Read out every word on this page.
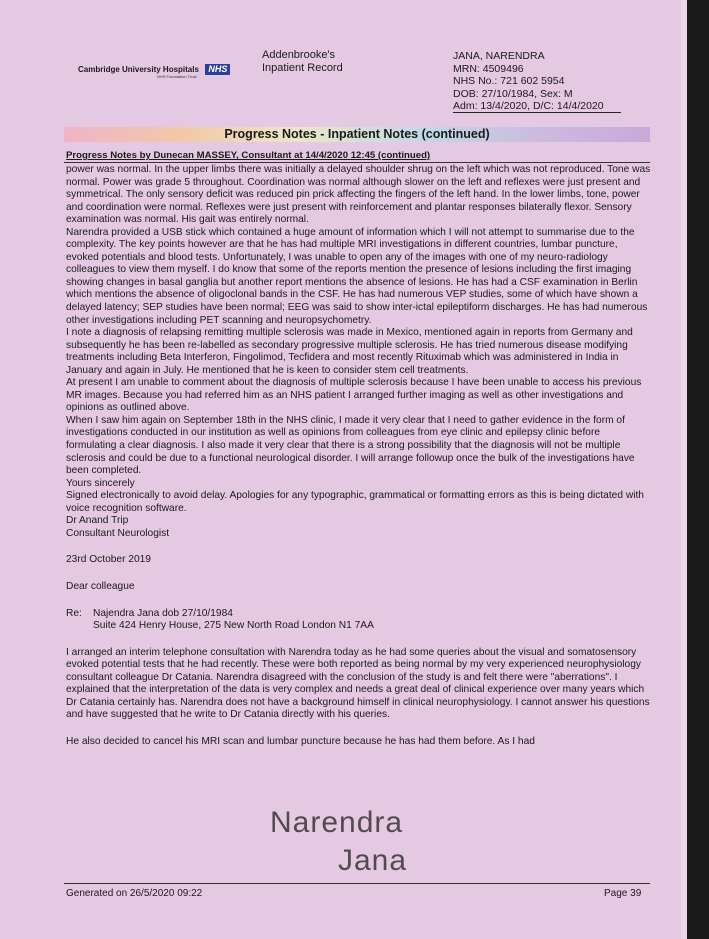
Cambridge University Hospitals NHS
NHS Foundation Trust
Addenbrooke's
Inpatient Record
JANA, NARENDRA
MRN: 4509496
NHS No.: 721 602 5954
DOB: 27/10/1984, Sex: M
Adm: 13/4/2020, D/C: 14/4/2020
Progress Notes - Inpatient Notes (continued)
Progress Notes by Dunecan MASSEY, Consultant at 14/4/2020 12:45 (continued)

power was normal. In the upper limbs there was initially a delayed shoulder shrug on the left which was not reproduced. Tone was normal. Power was grade 5 throughout. Coordination was normal although slower on the left and reflexes were just present and symmetrical. The only sensory deficit was reduced pin prick affecting the fingers of the left hand. In the lower limbs, tone, power and coordination were normal. Reflexes were just present with reinforcement and plantar responses bilaterally flexor. Sensory examination was normal. His gait was entirely normal.

Narendra provided a USB stick which contained a huge amount of information which I will not attempt to summarise due to the complexity. The key points however are that he has had multiple MRI investigations in different countries, lumbar puncture, evoked potentials and blood tests. Unfortunately, I was unable to open any of the images with one of my neuro-radiology colleagues to view them myself. I do know that some of the reports mention the presence of lesions including the first imaging showing changes in basal ganglia but another report mentions the absence of lesions. He has had a CSF examination in Berlin which mentions the absence of oligoclonal bands in the CSF. He has had numerous VEP studies, some of which have shown a delayed latency; SEP studies have been normal; EEG was said to show inter-ictal epileptiform discharges. He has had numerous other investigations including PET scanning and neuropsychometry.

I note a diagnosis of relapsing remitting multiple sclerosis was made in Mexico, mentioned again in reports from Germany and subsequently he has been re-labelled as secondary progressive multiple sclerosis. He has tried numerous disease modifying treatments including Beta Interferon, Fingolimod, Tecfidera and most recently Rituximab which was administered in India in January and again in July. He mentioned that he is keen to consider stem cell treatments.

At present I am unable to comment about the diagnosis of multiple sclerosis because I have been unable to access his previous MR images. Because you had referred him as an NHS patient I arranged further imaging as well as other investigations and opinions as outlined above.

When I saw him again on September 18th in the NHS clinic, I made it very clear that I need to gather evidence in the form of investigations conducted in our institution as well as opinions from colleagues from eye clinic and epilepsy clinic before formulating a clear diagnosis. I also made it very clear that there is a strong possibility that the diagnosis will not be multiple sclerosis and could be due to a functional neurological disorder. I will arrange followup once the bulk of the investigations have been completed.

Yours sincerely

Signed electronically to avoid delay. Apologies for any typographic, grammatical or formatting errors as this is being dictated with voice recognition software.

Dr Anand Trip

Consultant Neurologist

23rd October 2019

Dear colleague

Re:	Najendra Jana dob 27/10/1984
Suite 424 Henry House, 275 New North Road London N1 7AA

I arranged an interim telephone consultation with Narendra today as he had some queries about the visual and somatosensory evoked potential tests that he had recently. These were both reported as being normal by my very experienced neurophysiology consultant colleague Dr Catania. Narendra disagreed with the conclusion of the study is and felt there were "aberrations". I explained that the interpretation of the data is very complex and needs a great deal of clinical experience over many years which Dr Catania certainly has. Narendra does not have a background himself in clinical neurophysiology. I cannot answer his questions and have suggested that he write to Dr Catania directly with his queries.

He also decided to cancel his MRI scan and lumbar puncture because he has had them before. As I had

Narendra
Jana
Generated on 26/5/2020 09:22	Page 39
